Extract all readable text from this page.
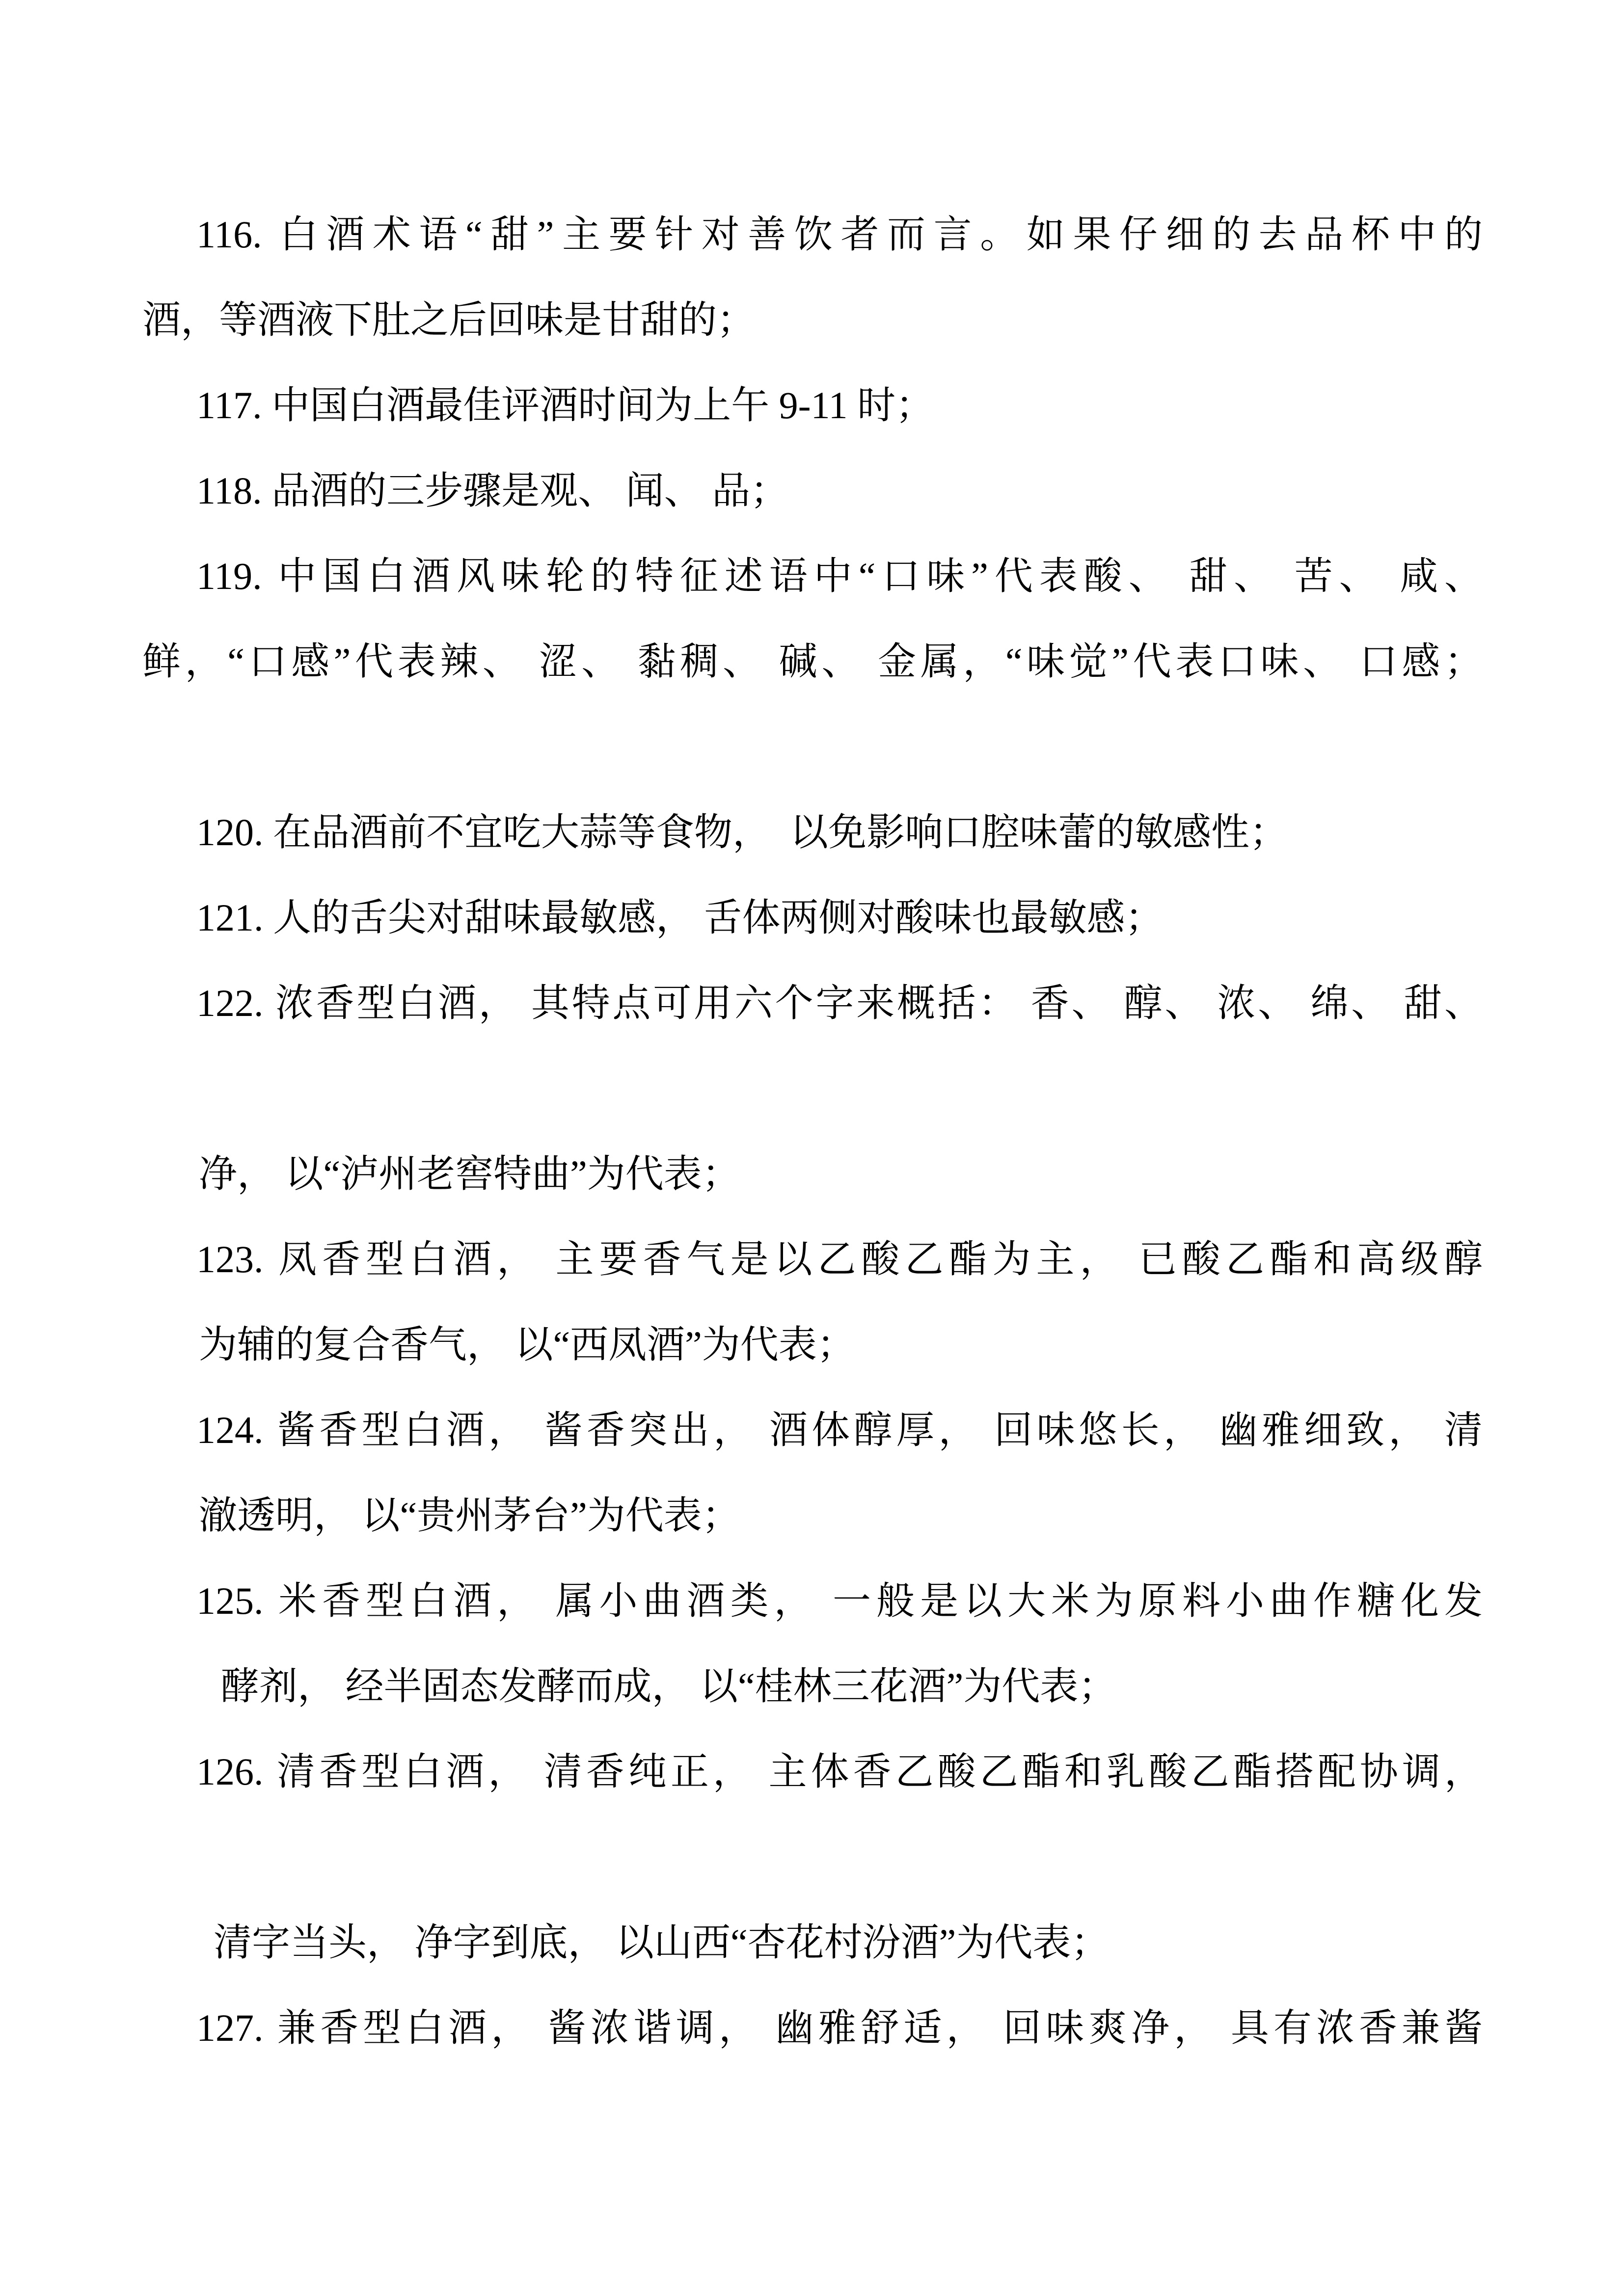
116. 白酒术语“甜”主要针对善饮者而言。如果仔细的去品杯中的
酒，等酒液下肚之后回味是甘甜的；
117. 中国白酒最佳评酒时间为上午 9-11 时；
118. 品酒的三步骤是观、 闻、 品；
119. 中国白酒风味轮的特征述语中“口味”代表酸、 甜、 苦、 咸、
鲜，“口感”代表辣、 涩、 黏稠、 碱、 金属，“味觉”代表口味、 口感；
120. 在品酒前不宜吃大蒜等食物，　以免影响口腔味蕾的敏感性；
121. 人的舌尖对甜味最敏感， 舌体两侧对酸味也最敏感；
122. 浓香型白酒， 其特点可用六个字来概括： 香、 醇、 浓、 绵、 甜、
净， 以“泸州老窖特曲”为代表；
123. 凤香型白酒， 主要香气是以乙酸乙酯为主， 已酸乙酯和高级醇
为辅的复合香气， 以“西凤酒”为代表；
124. 酱香型白酒， 酱香突出， 酒体醇厚， 回味悠长， 幽雅细致， 清
澈透明， 以“贵州茅台”为代表；
125. 米香型白酒， 属小曲酒类， 一般是以大米为原料小曲作糖化发
酵剂， 经半固态发酵而成， 以“桂林三花酒”为代表；
126. 清香型白酒， 清香纯正， 主体香乙酸乙酯和乳酸乙酯搭配协调，
清字当头， 净字到底， 以山西“杏花村汾酒”为代表；
127. 兼香型白酒， 酱浓谐调， 幽雅舒适， 回味爽净， 具有浓香兼酱
